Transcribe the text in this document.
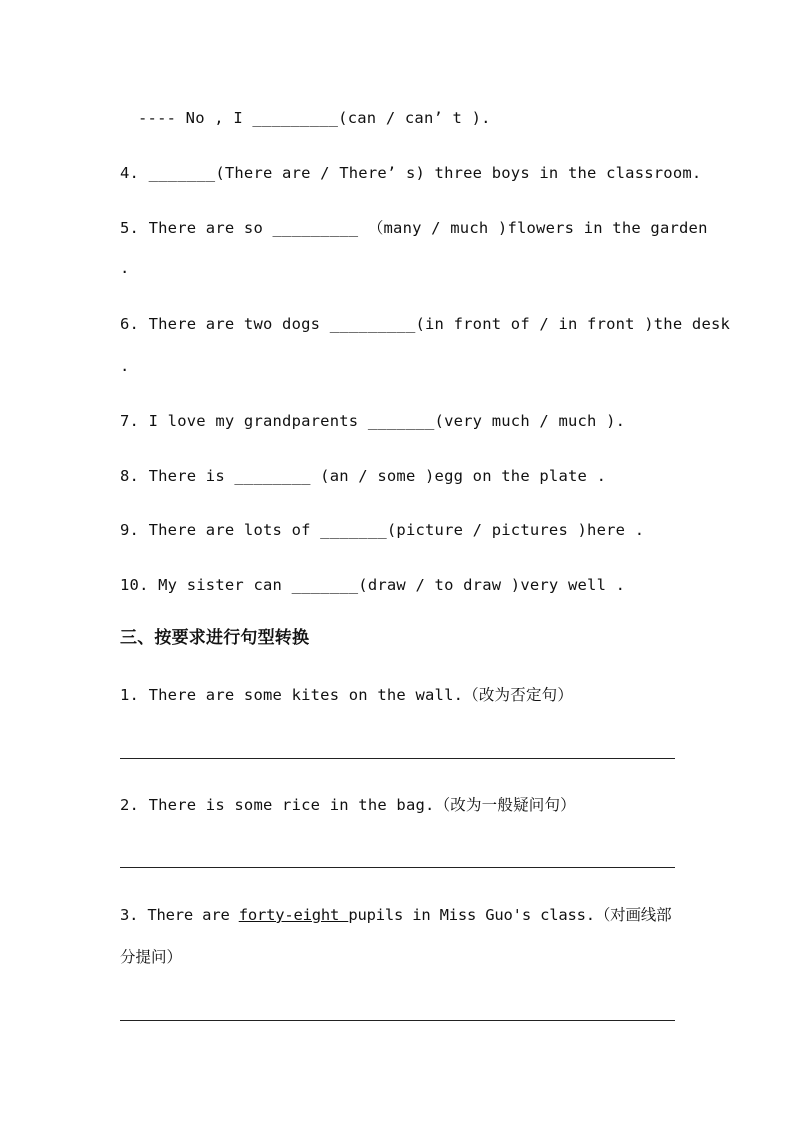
---- No , I _________(can / can’ t ).
4. _______(There are / There’ s) three boys in the classroom.
5. There are so _________ （many / much )flowers in the garden
.
6. There are two dogs _________(in front of / in front )the desk
.
7. I love my grandparents _______(very much / much ).
8. There is ________ (an / some )egg on the plate .
9. There are lots of _______(picture / pictures )here .
10. My sister can _______(draw / to draw )very well .
三、按要求进行句型转换
1. There are some kites on the wall.（改为否定句）
2. There is some rice in the bag.（改为一般疑问句）
3. There are forty-eight pupils in Miss Guo's class.（对画线部
分提问）
